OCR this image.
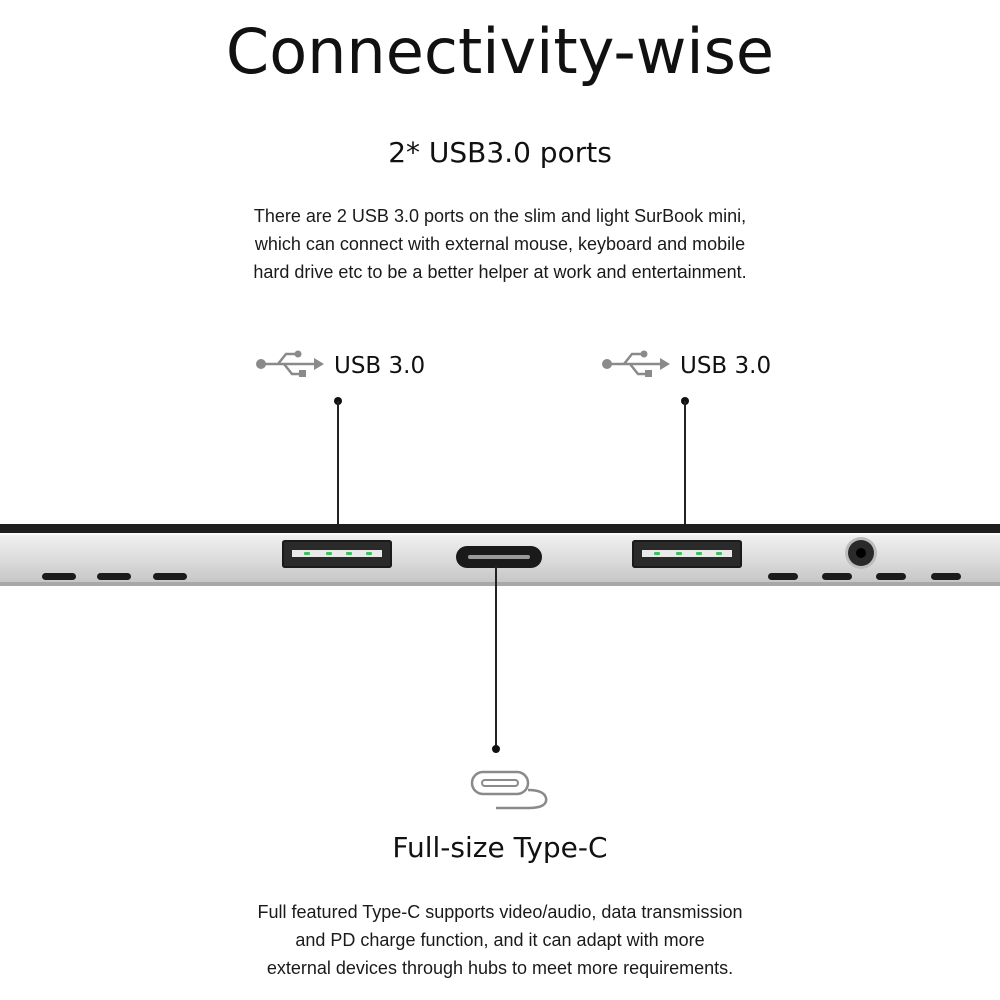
Connectivity-wise
2* USB3.0 ports
There are 2 USB 3.0 ports on the slim and light SurBook mini,
which can connect with external mouse, keyboard and mobile
hard drive etc to be a better helper at work and entertainment.
USB 3.0	USB 3.0
Full-size Type-C
Full featured Type-C supports video/audio, data transmission
and PD charge function, and it can adapt with more
external devices through hubs to meet more requirements.
